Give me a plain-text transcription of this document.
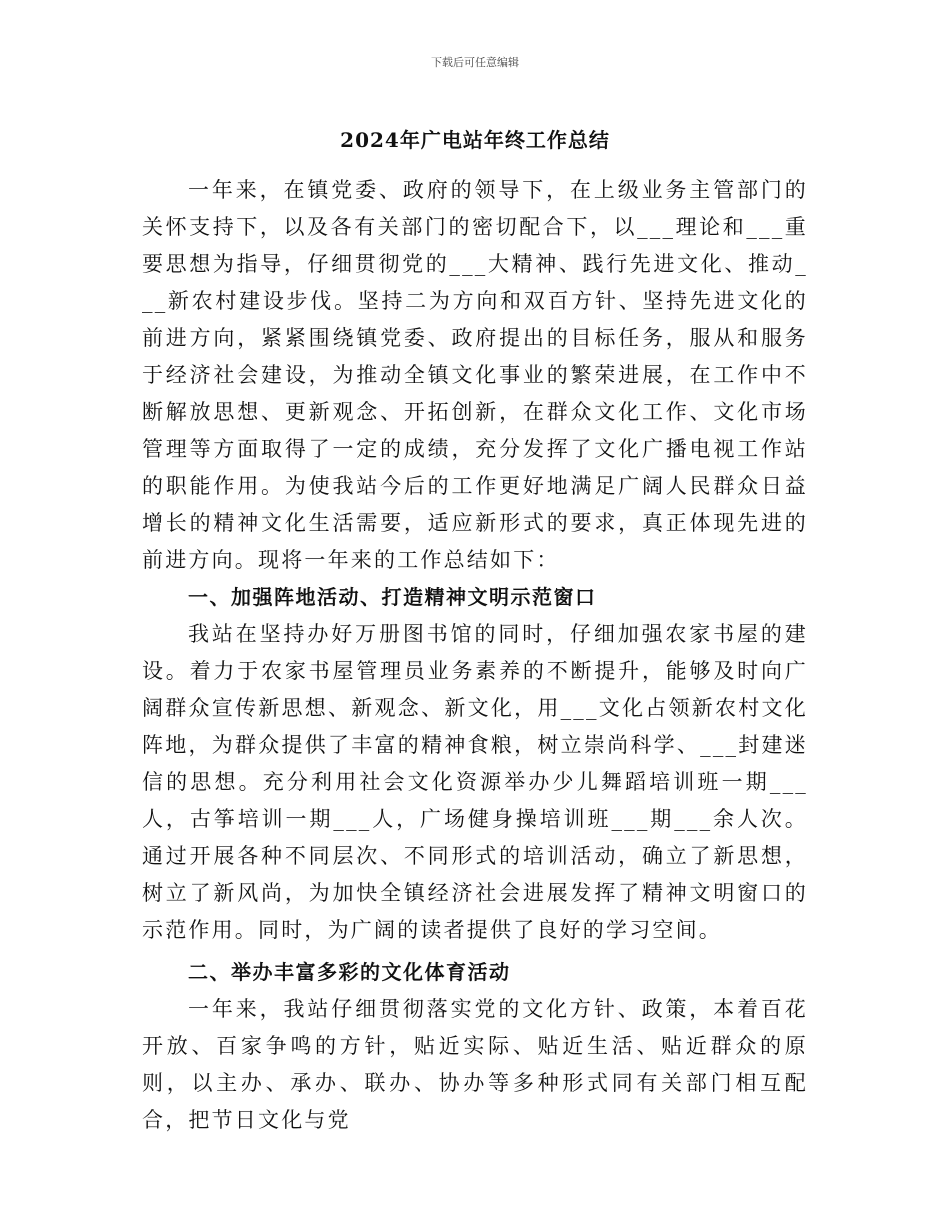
下载后可任意编辑
2024年广电站年终工作总结

一年来，在镇党委、政府的领导下，在上级业务主管部门的关怀支持下，以及各有关部门的密切配合下，以___理论和___重要思想为指导，仔细贯彻党的___大精神、践行先进文化、推动___新农村建设步伐。坚持二为方向和双百方针、坚持先进文化的前进方向，紧紧围绕镇党委、政府提出的目标任务，服从和服务于经济社会建设，为推动全镇文化事业的繁荣进展，在工作中不断解放思想、更新观念、开拓创新，在群众文化工作、文化市场管理等方面取得了一定的成绩，充分发挥了文化广播电视工作站的职能作用。为使我站今后的工作更好地满足广阔人民群众日益增长的精神文化生活需要，适应新形式的要求，真正体现先进的前进方向。现将一年来的工作总结如下：

一、加强阵地活动、打造精神文明示范窗口

我站在坚持办好万册图书馆的同时，仔细加强农家书屋的建设。着力于农家书屋管理员业务素养的不断提升，能够及时向广阔群众宣传新思想、新观念、新文化，用___文化占领新农村文化阵地，为群众提供了丰富的精神食粮，树立崇尚科学、___封建迷信的思想。充分利用社会文化资源举办少儿舞蹈培训班一期___人，古筝培训一期___人，广场健身操培训班___期___余人次。通过开展各种不同层次、不同形式的培训活动，确立了新思想，树立了新风尚，为加快全镇经济社会进展发挥了精神文明窗口的示范作用。同时，为广阔的读者提供了良好的学习空间。

二、举办丰富多彩的文化体育活动

一年来，我站仔细贯彻落实党的文化方针、政策，本着百花开放、百家争鸣的方针，贴近实际、贴近生活、贴近群众的原则，以主办、承办、联办、协办等多种形式同有关部门相互配合，把节日文化与党
